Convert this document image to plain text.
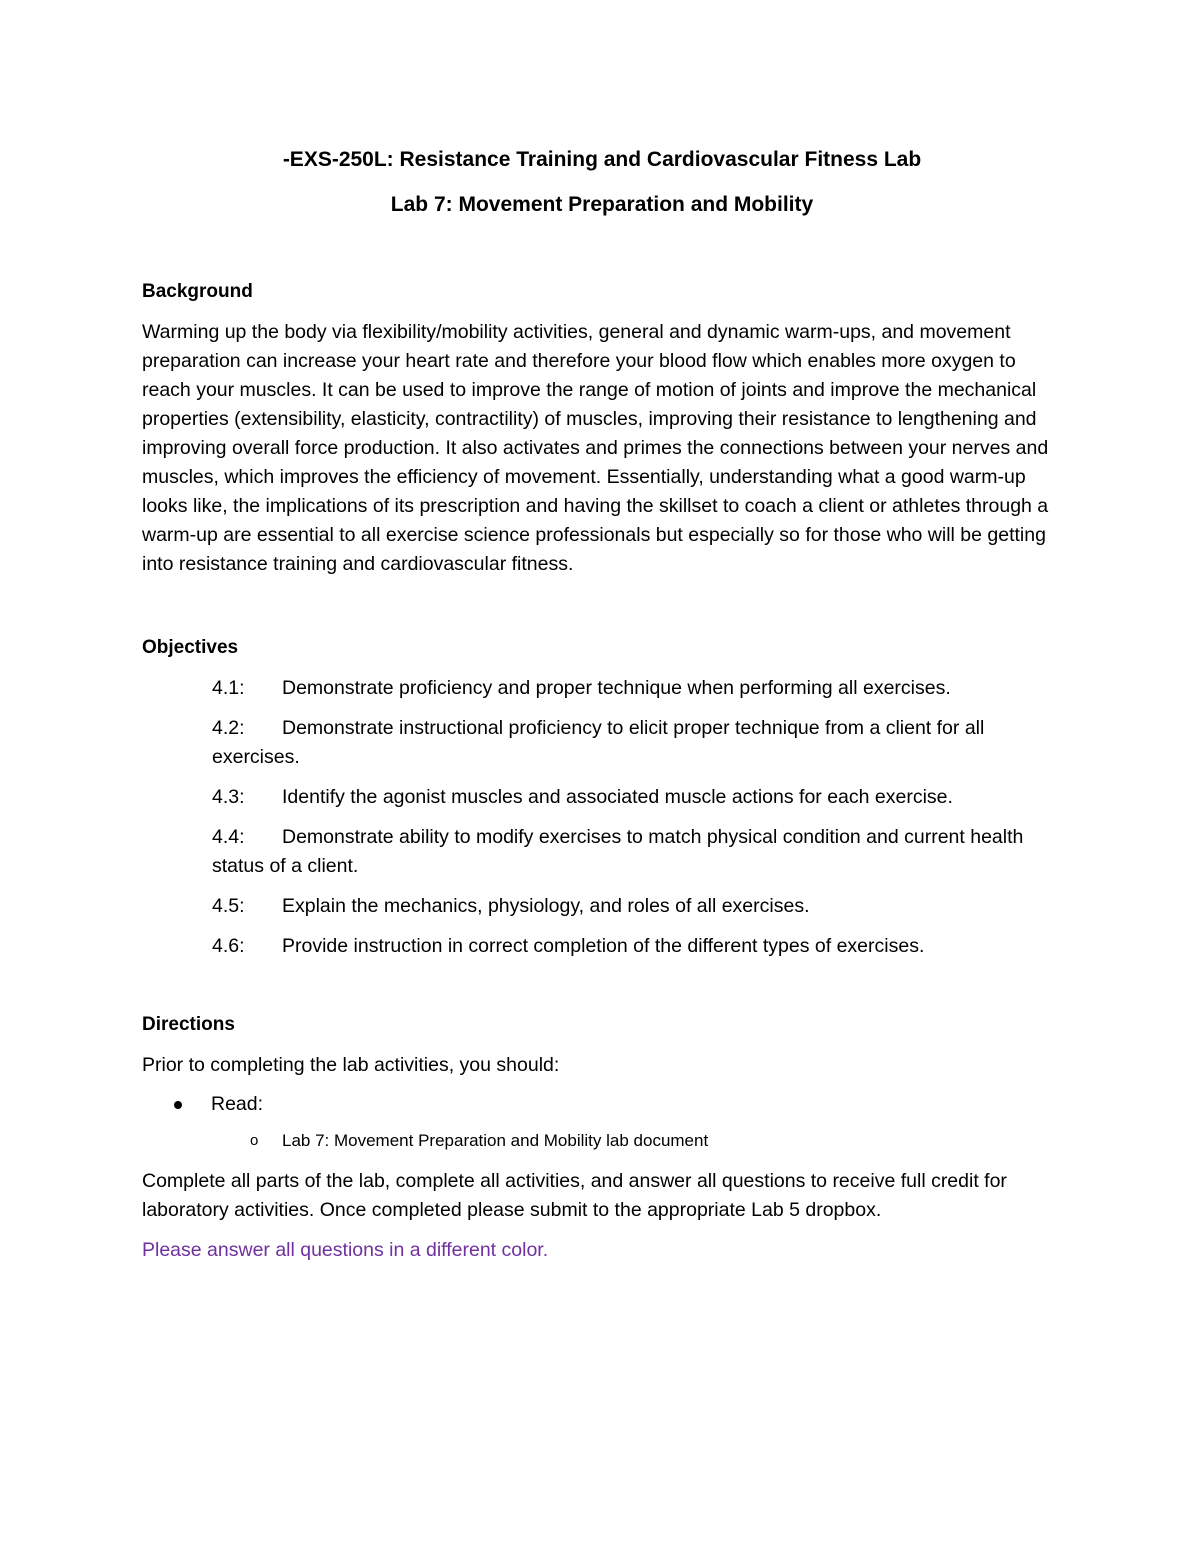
-EXS-250L: Resistance Training and Cardiovascular Fitness Lab

Lab 7: Movement Preparation and Mobility

Background

Warming up the body via flexibility/mobility activities, general and dynamic warm-ups, and movement preparation can increase your heart rate and therefore your blood flow which enables more oxygen to reach your muscles. It can be used to improve the range of motion of joints and improve the mechanical properties (extensibility, elasticity, contractility) of muscles, improving their resistance to lengthening and improving overall force production. It also activates and primes the connections between your nerves and muscles, which improves the efficiency of movement. Essentially, understanding what a good warm-up looks like, the implications of its prescription and having the skillset to coach a client or athletes through a warm-up are essential to all exercise science professionals but especially so for those who will be getting into resistance training and cardiovascular fitness.

Objectives

4.1: Demonstrate proficiency and proper technique when performing all exercises.
4.2: Demonstrate instructional proficiency to elicit proper technique from a client for all exercises.
4.3: Identify the agonist muscles and associated muscle actions for each exercise.
4.4: Demonstrate ability to modify exercises to match physical condition and current health status of a client.
4.5: Explain the mechanics, physiology, and roles of all exercises.
4.6: Provide instruction in correct completion of the different types of exercises.

Directions

Prior to completing the lab activities, you should:

Read:
o	Lab 7: Movement Preparation and Mobility lab document

Complete all parts of the lab, complete all activities, and answer all questions to receive full credit for laboratory activities. Once completed please submit to the appropriate Lab 5 dropbox.

Please answer all questions in a different color.
